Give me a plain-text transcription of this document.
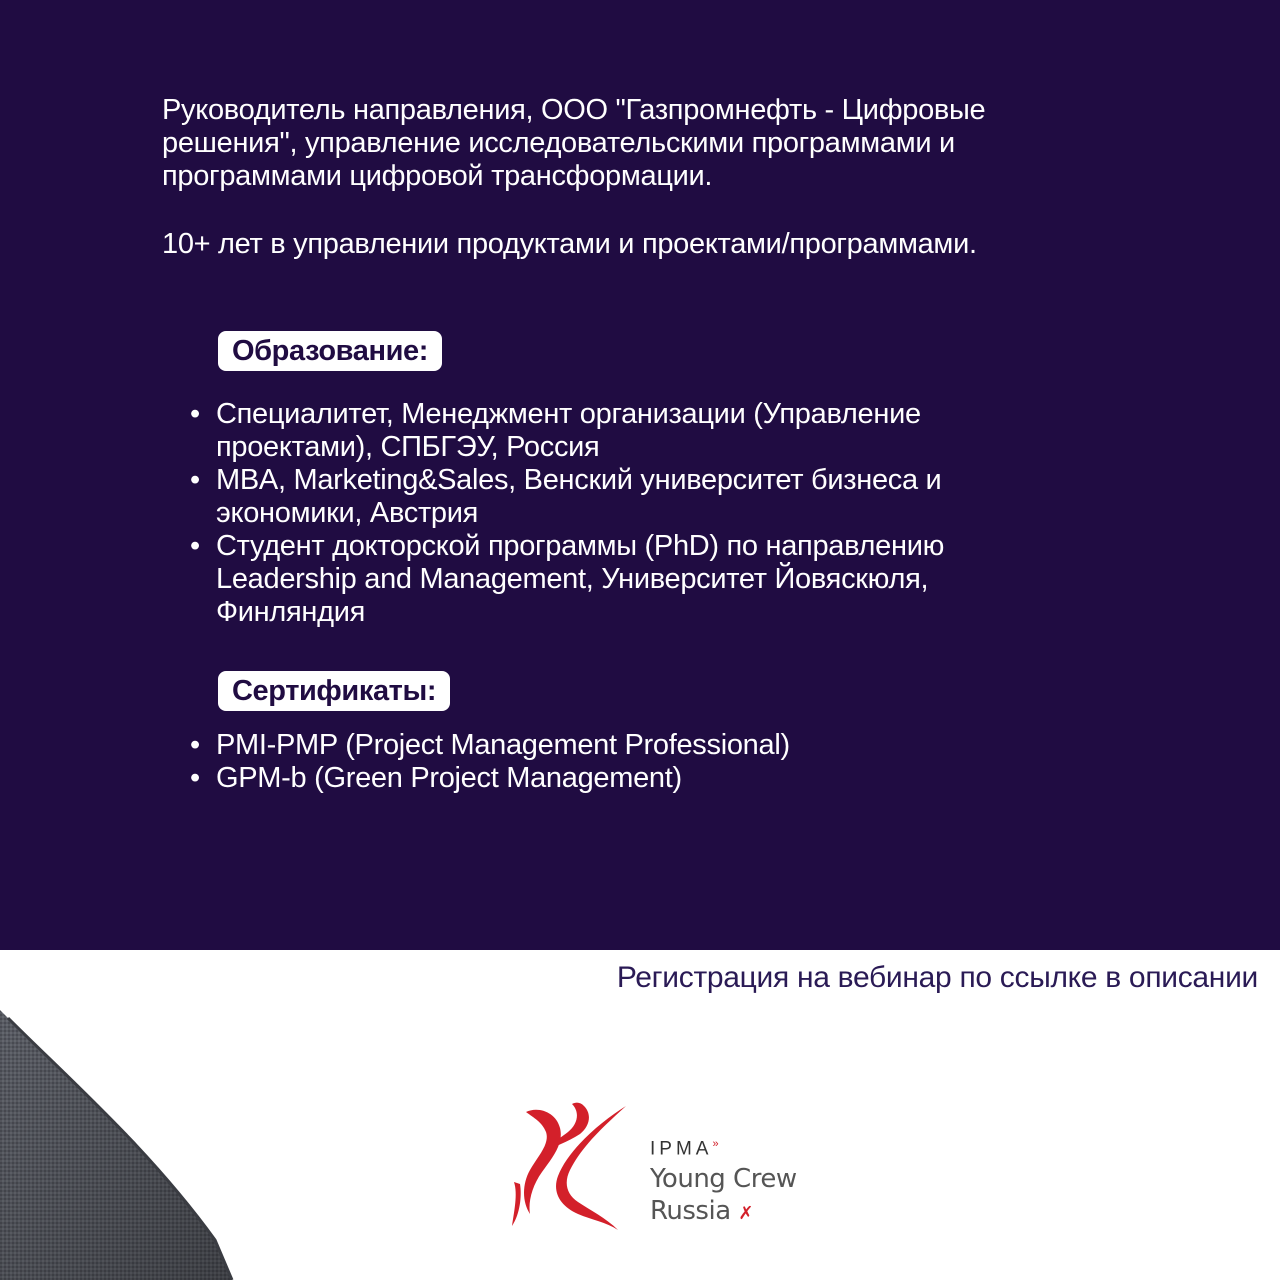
Руководитель направления, ООО "Газпромнефть - Цифровые
решения", управление исследовательскими программами и
программами цифровой трансформации.
10+ лет в управлении продуктами и проектами/программами.
Образование:
• Специалитет, Менеджмент организации (Управление
проектами), СПБГЭУ, Россия
• MBA, Marketing&Sales, Венский университет бизнеса и
экономики, Австрия
• Студент докторской программы (PhD) по направлению
Leadership and Management, Университет Йовяскюля,
Финляндия
Сертификаты:
• PMI-PMP (Project Management Professional)
• GPM-b (Green Project Management)
Регистрация на вебинар по ссылке в описании
IPMA»
Young Crew
Russia ✗
